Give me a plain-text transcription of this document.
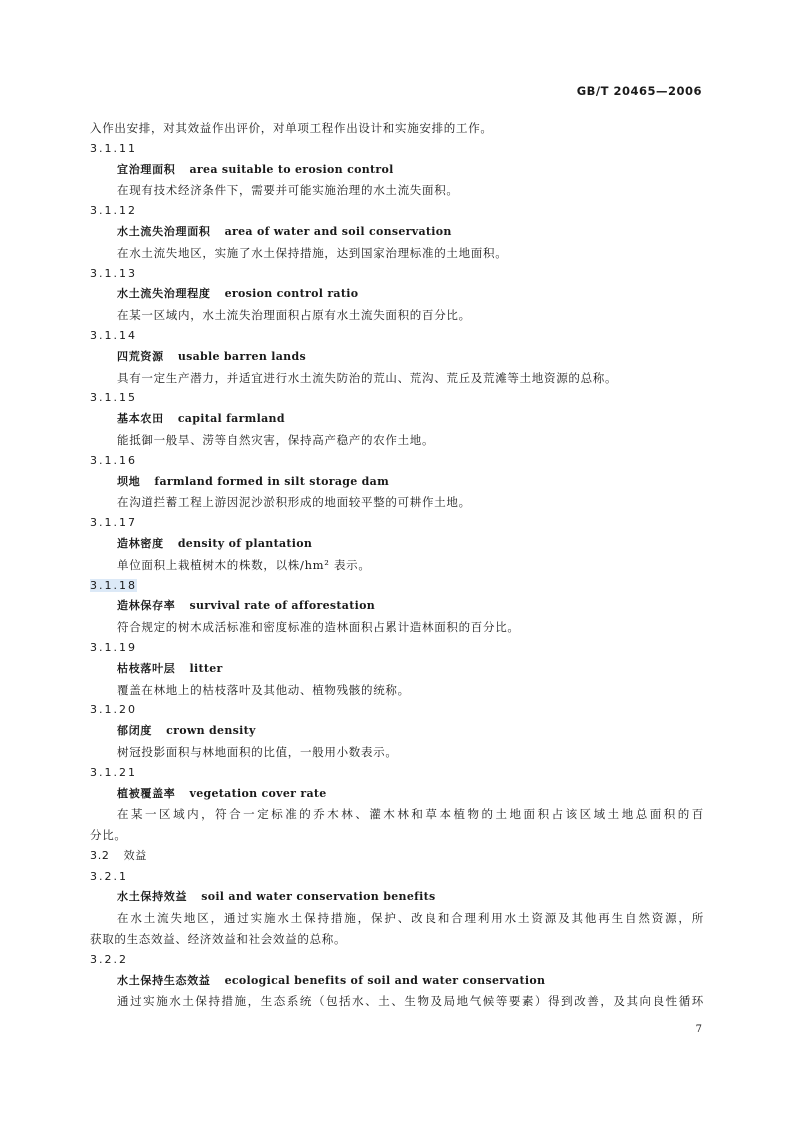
GB/T 20465—2006
入作出安排，对其效益作出评价，对单项工程作出设计和实施安排的工作。
3.1.11
宜治理面积 area suitable to erosion control
在现有技术经济条件下，需要并可能实施治理的水土流失面积。
3.1.12
水土流失治理面积 area of water and soil conservation
在水土流失地区，实施了水土保持措施，达到国家治理标准的土地面积。
3.1.13
水土流失治理程度 erosion control ratio
在某一区域内，水土流失治理面积占原有水土流失面积的百分比。
3.1.14
四荒资源 usable barren lands
具有一定生产潜力，并适宜进行水土流失防治的荒山、荒沟、荒丘及荒滩等土地资源的总称。
3.1.15
基本农田 capital farmland
能抵御一般旱、涝等自然灾害，保持高产稳产的农作土地。
3.1.16
坝地 farmland formed in silt storage dam
在沟道拦蓄工程上游因泥沙淤积形成的地面较平整的可耕作土地。
3.1.17
造林密度 density of plantation
单位面积上栽植树木的株数，以株/hm² 表示。
3.1.18
造林保存率 survival rate of afforestation
符合规定的树木成活标准和密度标准的造林面积占累计造林面积的百分比。
3.1.19
枯枝落叶层 litter
覆盖在林地上的枯枝落叶及其他动、植物残骸的统称。
3.1.20
郁闭度 crown density
树冠投影面积与林地面积的比值，一般用小数表示。
3.1.21
植被覆盖率 vegetation cover rate
在某一区域内，符合一定标准的乔木林、灌木林和草本植物的土地面积占该区域土地总面积的百
分比。
3.2 效益
3.2.1
水土保持效益 soil and water conservation benefits
在水土流失地区，通过实施水土保持措施，保护、改良和合理利用水土资源及其他再生自然资源，所
获取的生态效益、经济效益和社会效益的总称。
3.2.2
水土保持生态效益 ecological benefits of soil and water conservation
通过实施水土保持措施，生态系统（包括水、土、生物及局地气候等要素）得到改善，及其向良性循环
7
